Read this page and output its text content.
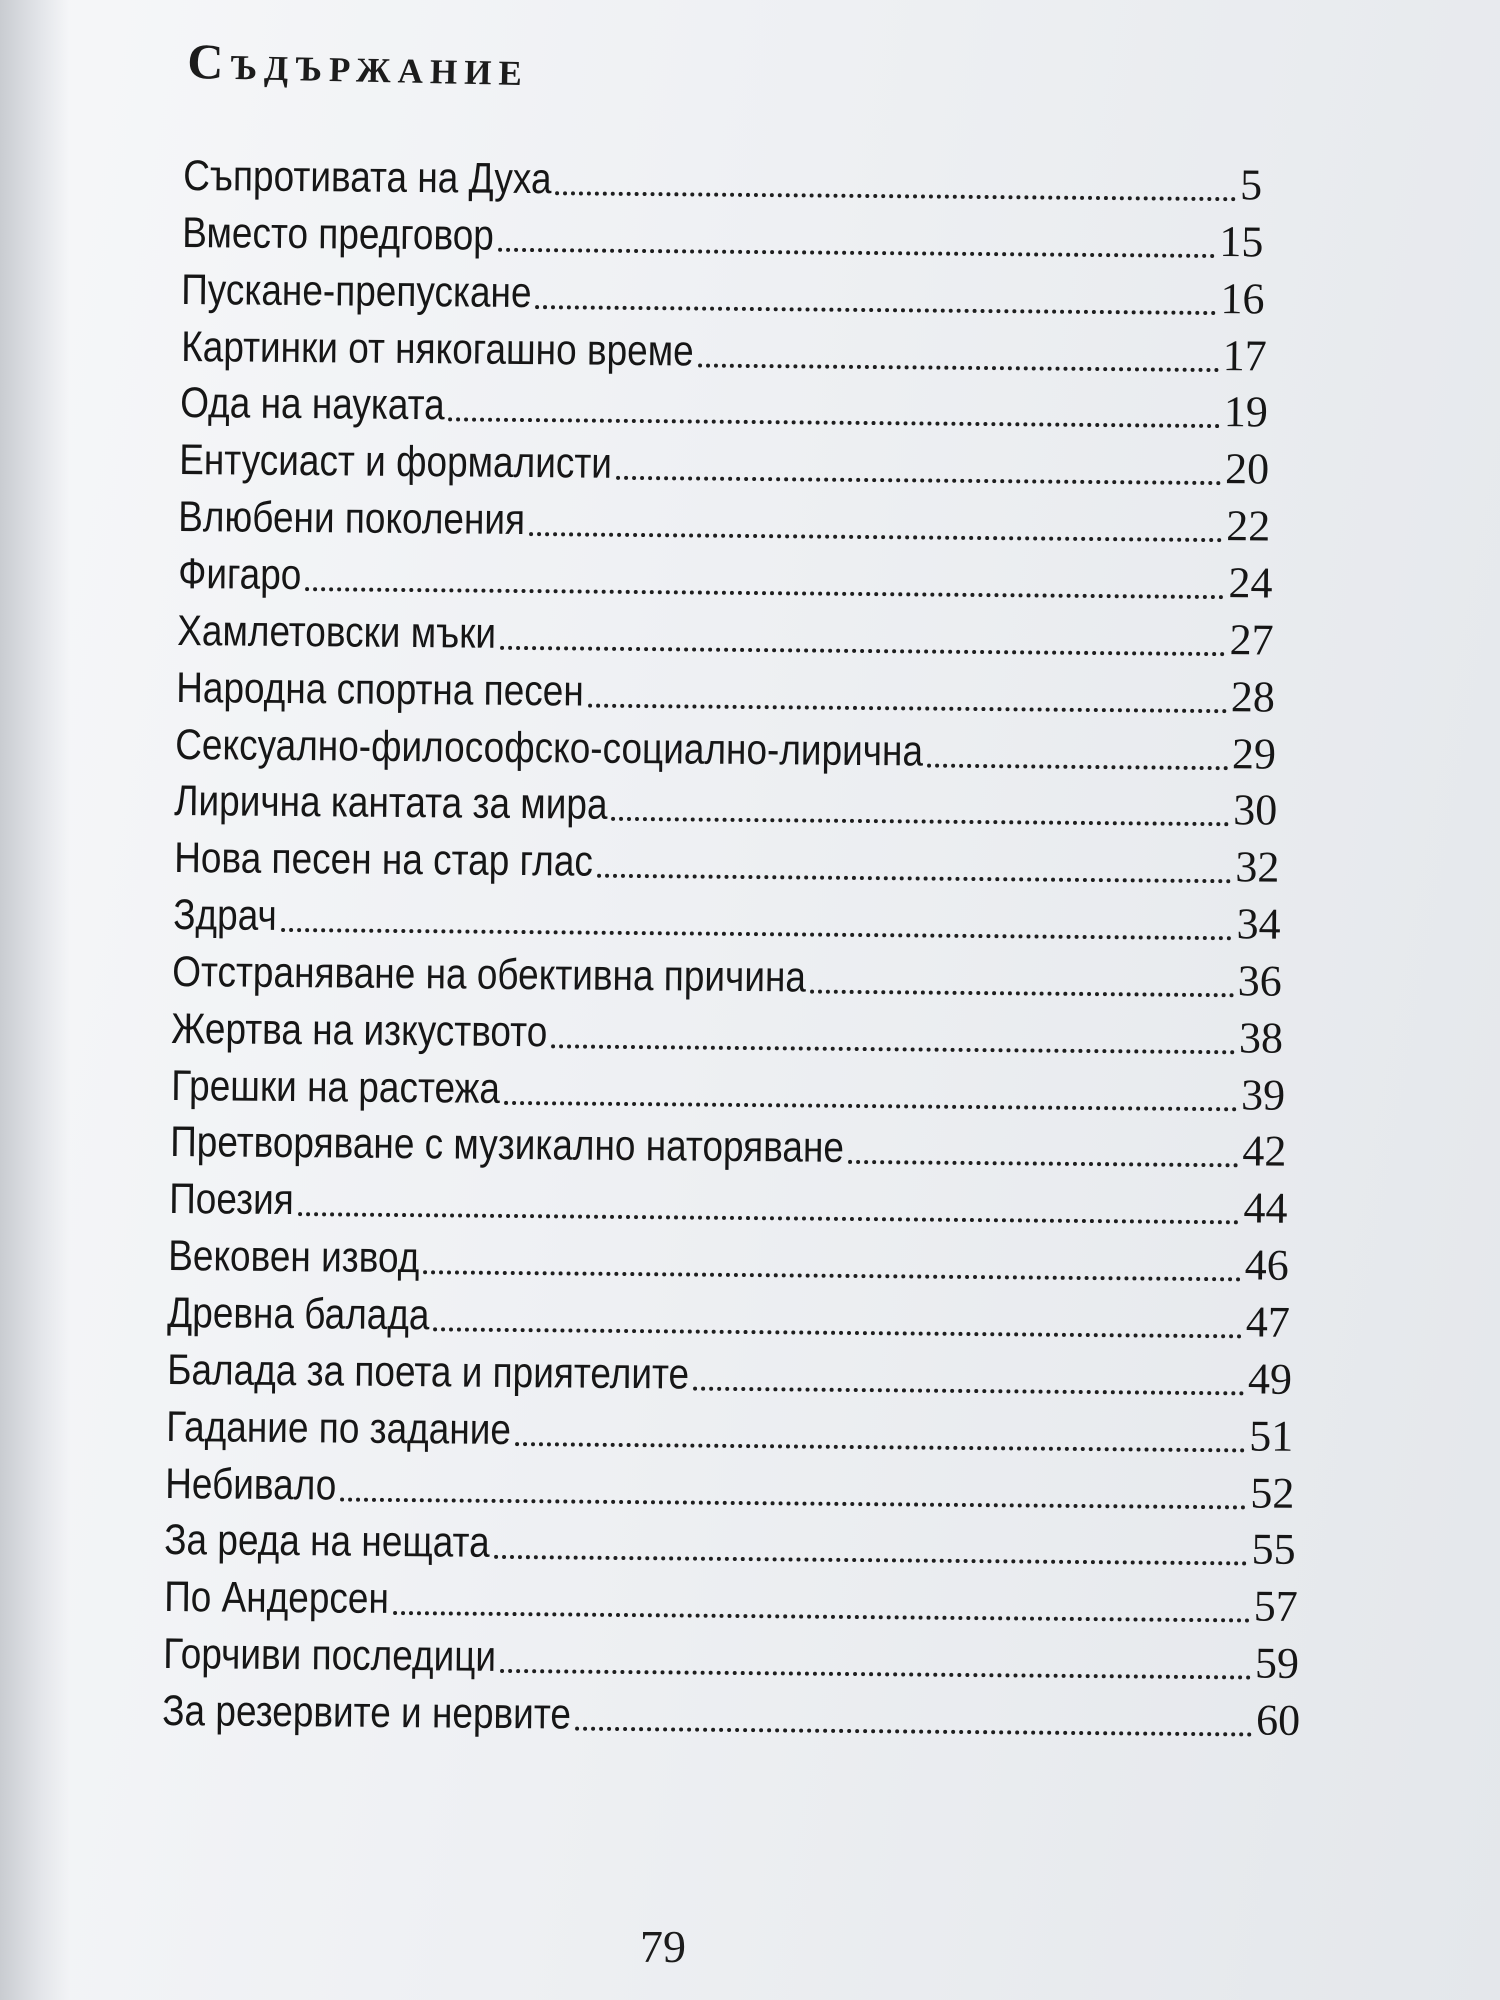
Съдържание
Съпротивата на Духа	5
Вместо предговор	15
Пускане-препускане	16
Картинки от някогашно време	17
Ода на науката	19
Ентусиаст и формалисти	20
Влюбени поколения	22
Фигаро	24
Хамлетовски мъки	27
Народна спортна песен	28
Сексуално-философско-социално-лирична	29
Лирична кантата за мира	30
Нова песен на стар глас	32
Здрач	34
Отстраняване на обективна причина	36
Жертва на изкуството	38
Грешки на растежа	39
Претворяване с музикално наторяване	42
Поезия	44
Вековен извод	46
Древна балада	47
Балада за поета и приятелите	49
Гадание по задание	51
Небивало	52
За реда на нещата	55
По Андерсен	57
Горчиви последици	59
За резервите и нервите	60

79
